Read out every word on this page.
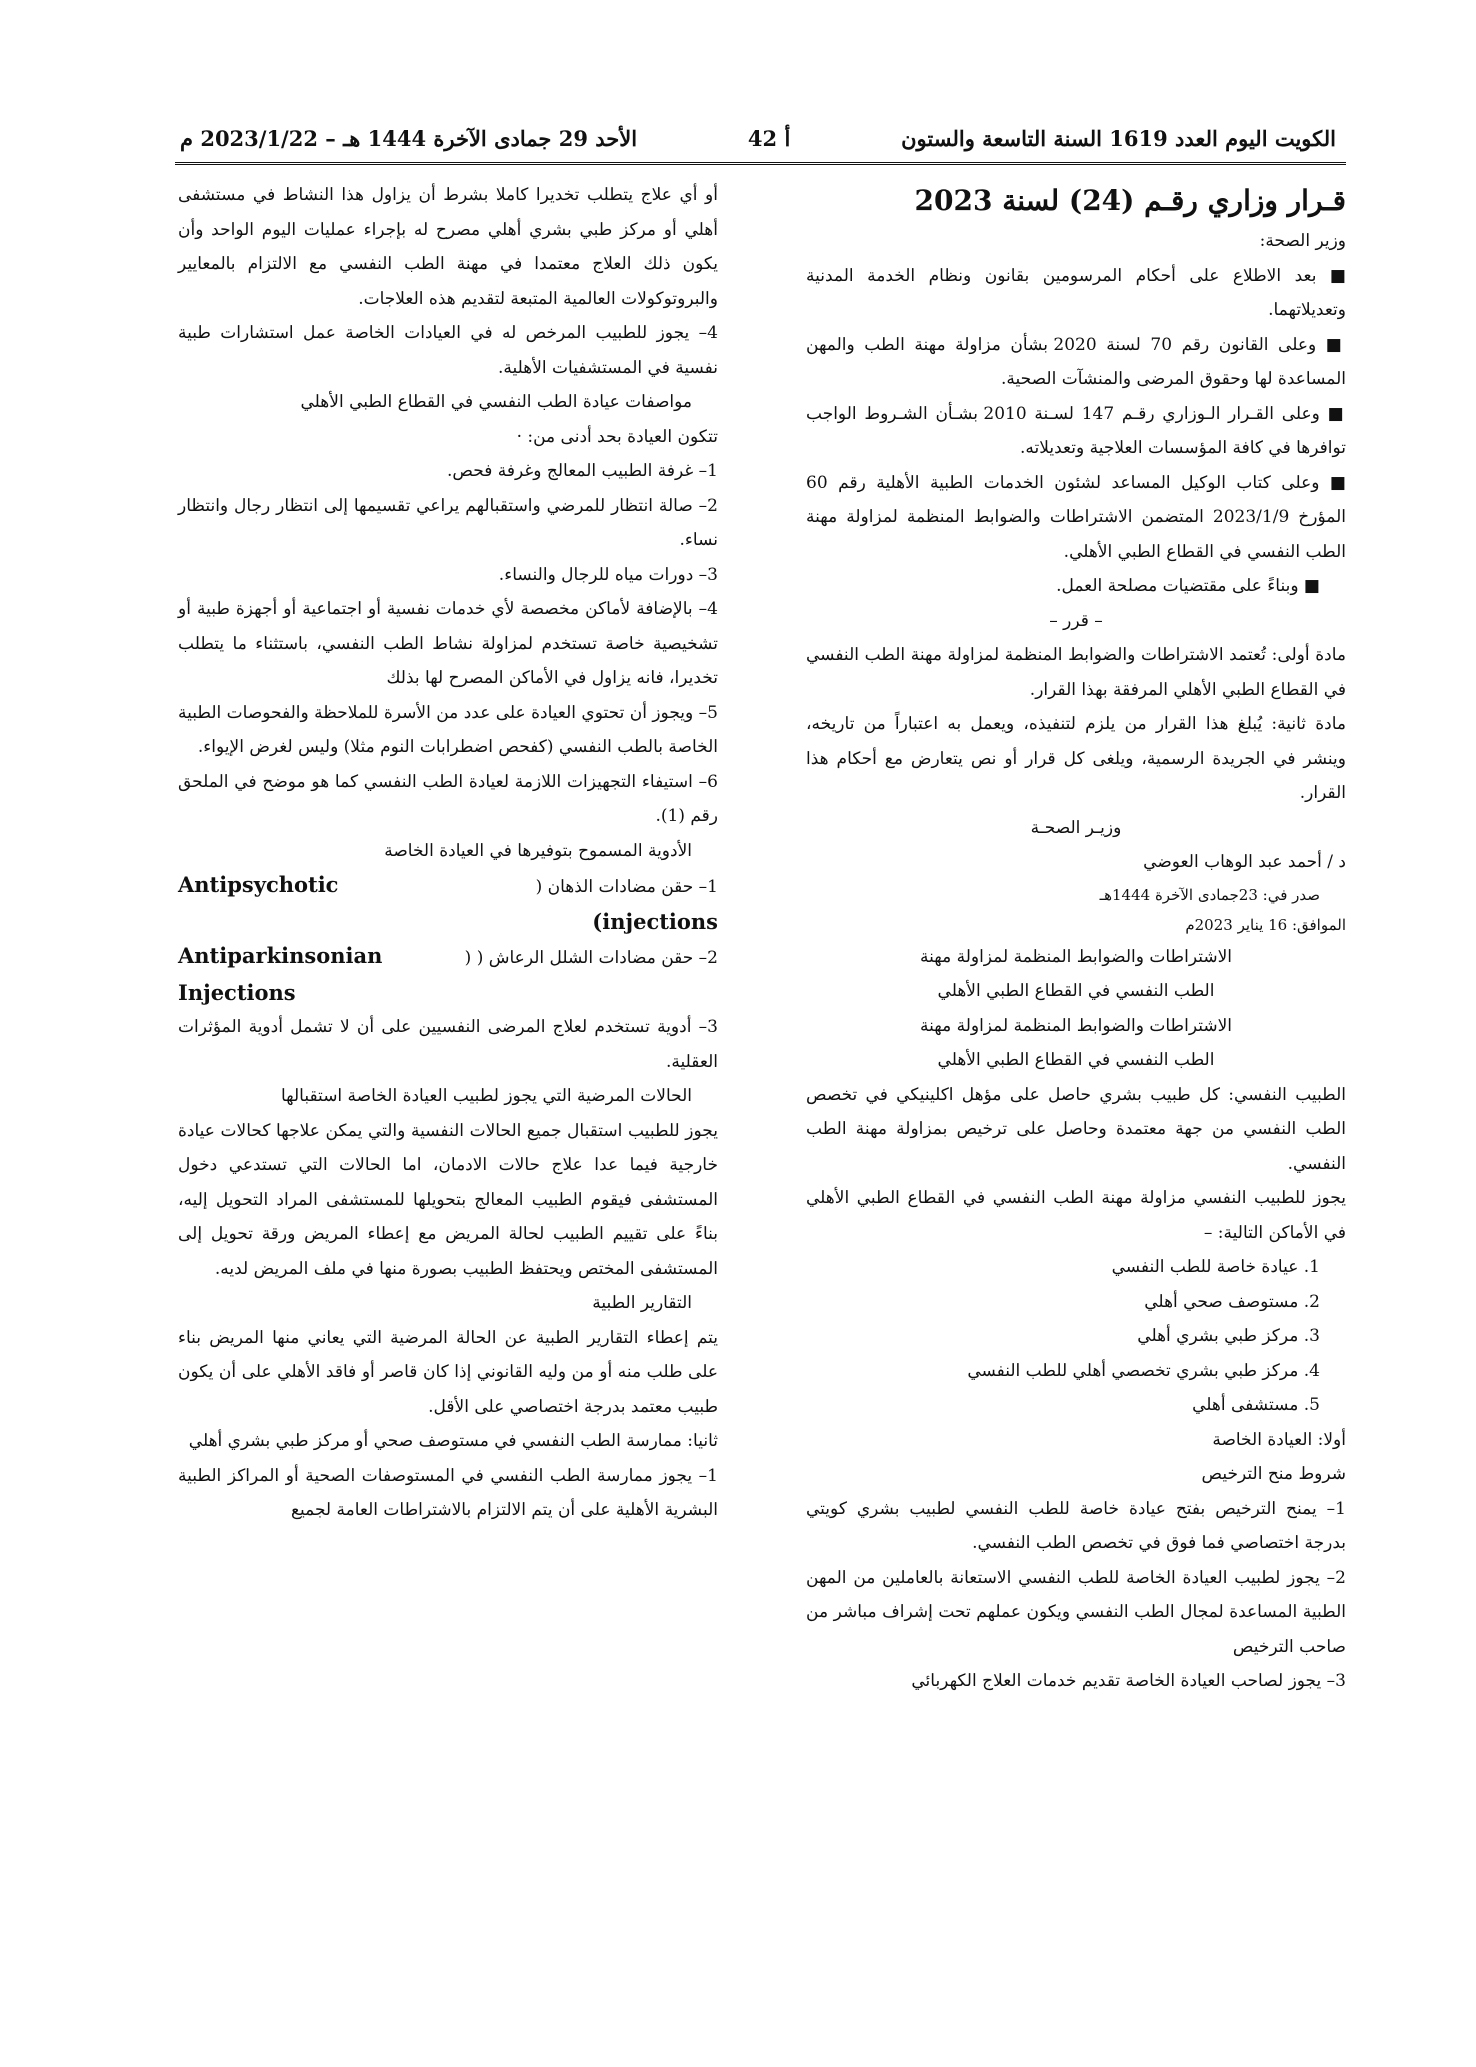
الكويت اليوم العدد 1619 السنة التاسعة والستون
أ 42
الأحد 29 جمادى الآخرة 1444 هـ – 2023/1/22 م

قـرار وزاري رقـم (24) لسنة 2023

وزير الصحة:

■ بعد الاطلاع على أحكام المرسومين بقانون ونظام الخدمة المدنية وتعديلاتهما.

■ وعلى القانون رقم 70 لسنة 2020 بشأن مزاولة مهنة الطب والمهن المساعدة لها وحقوق المرضى والمنشآت الصحية.

■ وعلى القـرار الـوزاري رقـم 147 لسـنة 2010 بشـأن الشـروط الواجب توافرها في كافة المؤسسات العلاجية وتعديلاته.

■ وعلى كتاب الوكيل المساعد لشئون الخدمات الطبية الأهلية رقم 60 المؤرخ 2023/1/9 المتضمن الاشتراطات والضوابط المنظمة لمزاولة مهنة الطب النفسي في القطاع الطبي الأهلي.

■ وبناءً على مقتضيات مصلحة العمل.

– قرر –

مادة أولى: تُعتمد الاشتراطات والضوابط المنظمة لمزاولة مهنة الطب النفسي في القطاع الطبي الأهلي المرفقة بهذا القرار.

مادة ثانية: يُبلغ هذا القرار من يلزم لتنفيذه، ويعمل به اعتباراً من تاريخه، وينشر في الجريدة الرسمية، ويلغى كل قرار أو نص يتعارض مع أحكام هذا القرار.

وزيـر الصحـة

د / أحمد عبد الوهاب العوضي

صدر في: 23جمادى الآخرة 1444هـ

الموافق: 16 يناير 2023م

الاشتراطات والضوابط المنظمة لمزاولة مهنة

الطب النفسي في القطاع الطبي الأهلي

الاشتراطات والضوابط المنظمة لمزاولة مهنة

الطب النفسي في القطاع الطبي الأهلي

الطبيب النفسي: كل طبيب بشري حاصل على مؤهل اكلينيكي في تخصص الطب النفسي من جهة معتمدة وحاصل على ترخيص بمزاولة مهنة الطب النفسي.

يجوز للطبيب النفسي مزاولة مهنة الطب النفسي في القطاع الطبي الأهلي في الأماكن التالية: –

1. عيادة خاصة للطب النفسي

2. مستوصف صحي أهلي

3. مركز طبي بشري أهلي

4. مركز طبي بشري تخصصي أهلي للطب النفسي

5. مستشفى أهلي

أولا: العيادة الخاصة

شروط منح الترخيص

1– يمنح الترخيص بفتح عيادة خاصة للطب النفسي لطبيب بشري كويتي بدرجة اختصاصي فما فوق في تخصص الطب النفسي.

2– يجوز لطبيب العيادة الخاصة للطب النفسي الاستعانة بالعاملين من المهن الطبية المساعدة لمجال الطب النفسي ويكون عملهم تحت إشراف مباشر من صاحب الترخيص

3– يجوز لصاحب العيادة الخاصة تقديم خدمات العلاج الكهربائي

أو أي علاج يتطلب تخديرا كاملا بشرط أن يزاول هذا النشاط في مستشفى أهلي أو مركز طبي بشري أهلي مصرح له بإجراء عمليات اليوم الواحد وأن يكون ذلك العلاج معتمدا في مهنة الطب النفسي مع الالتزام بالمعايير والبروتوكولات العالمية المتبعة لتقديم هذه العلاجات.

4– يجوز للطبيب المرخص له في العيادات الخاصة عمل استشارات طبية نفسية في المستشفيات الأهلية.

مواصفات عيادة الطب النفسي في القطاع الطبي الأهلي

تتكون العيادة بحد أدنى من: ·

1– غرفة الطبيب المعالج وغرفة فحص.

2– صالة انتظار للمرضي واستقبالهم يراعي تقسيمها إلى انتظار رجال وانتظار نساء.

3– دورات مياه للرجال والنساء.

4– بالإضافة لأماكن مخصصة لأي خدمات نفسية أو اجتماعية أو أجهزة طبية أو تشخيصية خاصة تستخدم لمزاولة نشاط الطب النفسي، باستثناء ما يتطلب تخديرا، فانه يزاول في الأماكن المصرح لها بذلك

5– ويجوز أن تحتوي العيادة على عدد من الأسرة للملاحظة والفحوصات الطبية الخاصة بالطب النفسي (كفحص اضطرابات النوم مثلا) وليس لغرض الإيواء.

6– استيفاء التجهيزات اللازمة لعيادة الطب النفسي كما هو موضح في الملحق رقم (1).

الأدوية المسموح بتوفيرها في العيادة الخاصة

1– حقن مضادات الذهان (
Antipsychotic

(injections

2– حقن مضادات الشلل الرعاش ( (
Antiparkinsonian

Injections

3– أدوية تستخدم لعلاج المرضى النفسيين على أن لا تشمل أدوية المؤثرات العقلية.

الحالات المرضية التي يجوز لطبيب العيادة الخاصة استقبالها

يجوز للطبيب استقبال جميع الحالات النفسية والتي يمكن علاجها كحالات عيادة خارجية فيما عدا علاج حالات الادمان، اما الحالات التي تستدعي دخول المستشفى فيقوم الطبيب المعالج بتحويلها للمستشفى المراد التحويل إليه، بناءً على تقييم الطبيب لحالة المريض مع إعطاء المريض ورقة تحويل إلى المستشفى المختص ويحتفظ الطبيب بصورة منها في ملف المريض لديه.

التقارير الطبية

يتم إعطاء التقارير الطبية عن الحالة المرضية التي يعاني منها المريض بناء على طلب منه أو من وليه القانوني إذا كان قاصر أو فاقد الأهلي على أن يكون طبيب معتمد بدرجة اختصاصي على الأقل.

ثانيا: ممارسة الطب النفسي في مستوصف صحي أو مركز طبي بشري أهلي

1– يجوز ممارسة الطب النفسي في المستوصفات الصحية أو المراكز الطبية البشرية الأهلية على أن يتم الالتزام بالاشتراطات العامة لجميع
